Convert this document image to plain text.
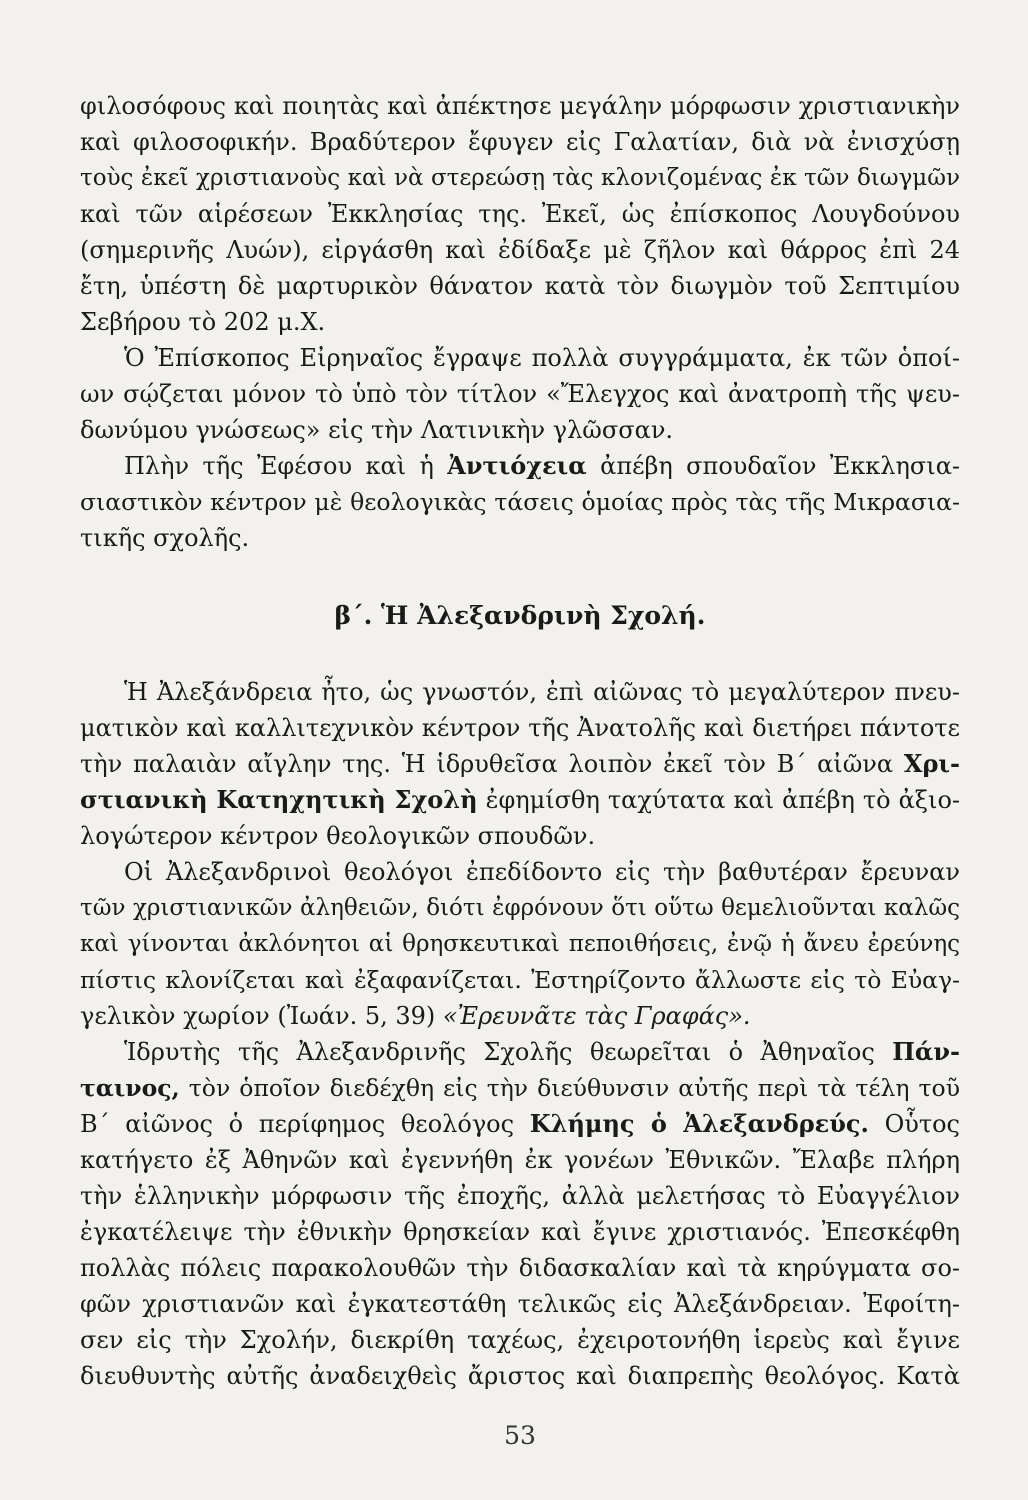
φιλοσόφους καὶ ποιητὰς καὶ ἀπέκτησε μεγάλην μόρφωσιν χριστιανικὴν
καὶ φιλοσοφικήν. Βραδύτερον ἔφυγεν εἰς Γαλατίαν, διὰ νὰ ἐνισχύσῃ
τοὺς ἐκεῖ χριστιανοὺς καὶ νὰ στερεώσῃ τὰς κλονιζομένας ἐκ τῶν διωγμῶν
καὶ τῶν αἱρέσεων Ἐκκλησίας της. Ἐκεῖ, ὡς ἐπίσκοπος Λουγδούνου
(σημερινῆς Λυών), εἰργάσθη καὶ ἐδίδαξε μὲ ζῆλον καὶ θάρρος ἐπὶ 24
ἔτη, ὑπέστη δὲ μαρτυρικὸν θάνατον κατὰ τὸν διωγμὸν τοῦ Σεπτιμίου
Σεβήρου τὸ 202 μ.Χ.
Ὁ Ἐπίσκοπος Εἰρηναῖος ἔγραψε πολλὰ συγγράμματα, ἐκ τῶν ὁποί-
ων σῴζεται μόνον τὸ ὑπὸ τὸν τίτλον «Ἔλεγχος καὶ ἀνατροπὴ τῆς ψευ-
δωνύμου γνώσεως» εἰς τὴν Λατινικὴν γλῶσσαν.
Πλὴν τῆς Ἐφέσου καὶ ἡ Ἀντιόχεια ἀπέβη σπουδαῖον Ἐκκλησια-
σιαστικὸν κέντρον μὲ θεολογικὰς τάσεις ὁμοίας πρὸς τὰς τῆς Μικρασια-
τικῆς σχολῆς.
β΄. Ἡ Ἀλεξανδρινὴ Σχολή.
Ἡ Ἀλεξάνδρεια ἦτο, ὡς γνωστόν, ἐπὶ αἰῶνας τὸ μεγαλύτερον πνευ-
ματικὸν καὶ καλλιτεχνικὸν κέντρον τῆς Ἀνατολῆς καὶ διετήρει πάντοτε
τὴν παλαιὰν αἴγλην της. Ἡ ἱδρυθεῖσα λοιπὸν ἐκεῖ τὸν Β΄ αἰῶνα Χρι-
στιανικὴ Κατηχητικὴ Σχολὴ ἐφημίσθη ταχύτατα καὶ ἀπέβη τὸ ἀξιο-
λογώτερον κέντρον θεολογικῶν σπουδῶν.
Οἱ Ἀλεξανδρινοὶ θεολόγοι ἐπεδίδοντο εἰς τὴν βαθυτέραν ἔρευναν
τῶν χριστιανικῶν ἀληθειῶν, διότι ἐφρόνουν ὅτι οὕτω θεμελιοῦνται καλῶς
καὶ γίνονται ἀκλόνητοι αἱ θρησκευτικαὶ πεποιθήσεις, ἐνῷ ἡ ἄνευ ἐρεύνης
πίστις κλονίζεται καὶ ἐξαφανίζεται. Ἐστηρίζοντο ἄλλωστε εἰς τὸ Εὐαγ-
γελικὸν χωρίον (Ἰωάν. 5, 39) «Ἐρευνᾶτε τὰς Γραφάς».
Ἱδρυτὴς τῆς Ἀλεξανδρινῆς Σχολῆς θεωρεῖται ὁ Ἀθηναῖος Πάν-
ταινος, τὸν ὁποῖον διεδέχθη εἰς τὴν διεύθυνσιν αὐτῆς περὶ τὰ τέλη τοῦ
Β΄ αἰῶνος ὁ περίφημος θεολόγος Κλήμης ὁ Ἀλεξανδρεύς. Οὗτος
κατήγετο ἐξ Ἀθηνῶν καὶ ἐγεννήθη ἐκ γονέων Ἐθνικῶν. Ἔλαβε πλήρη
τὴν ἑλληνικὴν μόρφωσιν τῆς ἐποχῆς, ἀλλὰ μελετήσας τὸ Εὐαγγέλιον
ἐγκατέλειψε τὴν ἐθνικὴν θρησκείαν καὶ ἔγινε χριστιανός. Ἐπεσκέφθη
πολλὰς πόλεις παρακολουθῶν τὴν διδασκαλίαν καὶ τὰ κηρύγματα σο-
φῶν χριστιανῶν καὶ ἐγκατεστάθη τελικῶς εἰς Ἀλεξάνδρειαν. Ἐφοίτη-
σεν εἰς τὴν Σχολήν, διεκρίθη ταχέως, ἐχειροτονήθη ἱερεὺς καὶ ἔγινε
διευθυντὴς αὐτῆς ἀναδειχθεὶς ἄριστος καὶ διαπρεπὴς θεολόγος. Κατὰ
53
